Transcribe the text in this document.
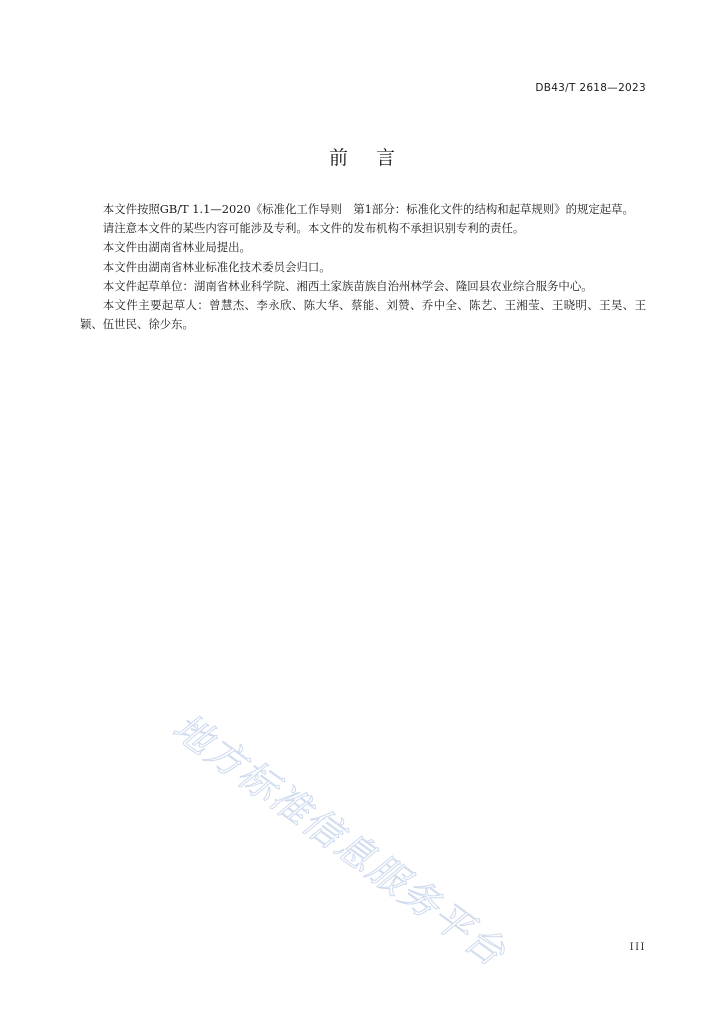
DB43/T 2618—2023
前言

本文件按照GB/T 1.1—2020《标准化工作导则　第1部分：标准化文件的结构和起草规则》的规定起草。

请注意本文件的某些内容可能涉及专利。本文件的发布机构不承担识别专利的责任。

本文件由湖南省林业局提出。

本文件由湖南省林业标准化技术委员会归口。

本文件起草单位：湖南省林业科学院、湘西土家族苗族自治州林学会、隆回县农业综合服务中心。

本文件主要起草人：曾慧杰、李永欣、陈大华、蔡能、刘赞、乔中全、陈艺、王湘莹、王晓明、王昊、王颖、伍世民、徐少东。

地方标准信息服务平台	III
